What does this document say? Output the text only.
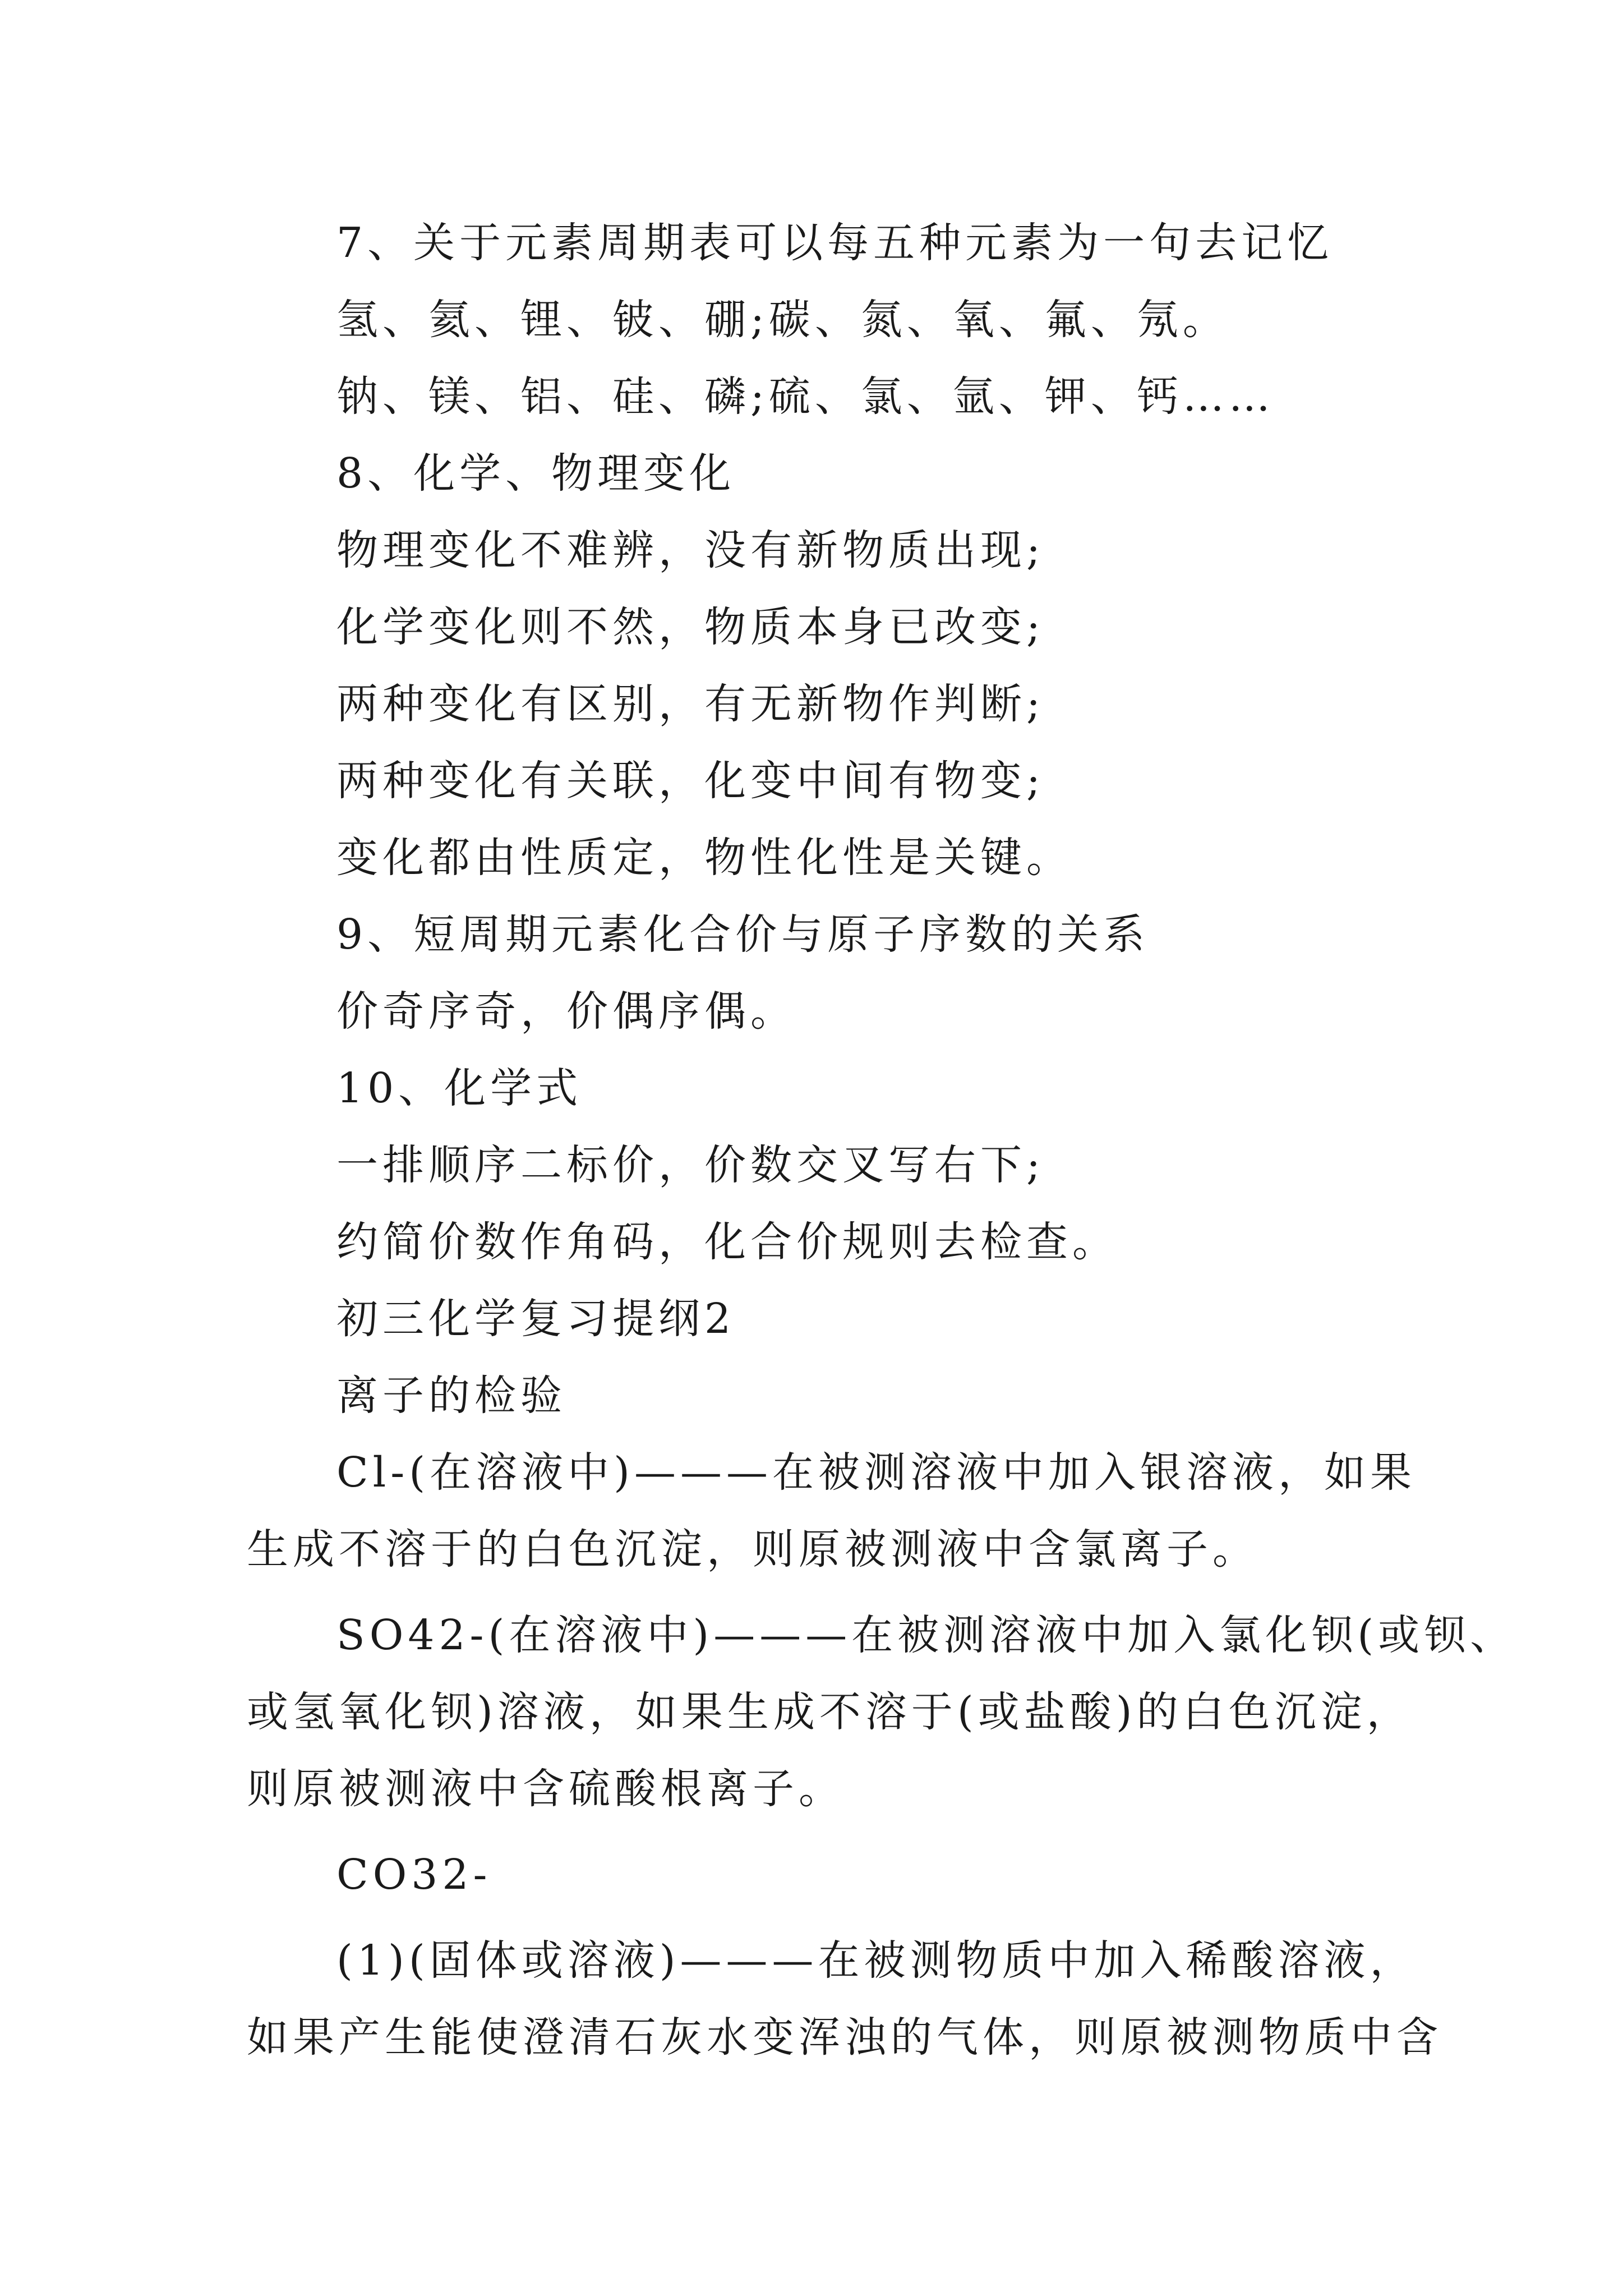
7、关于元素周期表可以每五种元素为一句去记忆
氢、氦、锂、铍、硼;碳、氮、氧、氟、氖。
钠、镁、铝、硅、磷;硫、氯、氩、钾、钙……
8、化学、物理变化
物理变化不难辨，没有新物质出现;
化学变化则不然，物质本身已改变;
两种变化有区别，有无新物作判断;
两种变化有关联，化变中间有物变;
变化都由性质定，物性化性是关键。
9、短周期元素化合价与原子序数的关系
价奇序奇，价偶序偶。
10、化学式
一排顺序二标价，价数交叉写右下;
约简价数作角码，化合价规则去检查。
初三化学复习提纲2
离子的检验
Cl-(在溶液中)———在被测溶液中加入银溶液，如果
生成不溶于的白色沉淀，则原被测液中含氯离子。
SO42-(在溶液中)———在被测溶液中加入氯化钡(或钡、
或氢氧化钡)溶液，如果生成不溶于(或盐酸)的白色沉淀，
则原被测液中含硫酸根离子。
CO32-
(1)(固体或溶液)———在被测物质中加入稀酸溶液，
如果产生能使澄清石灰水变浑浊的气体，则原被测物质中含
